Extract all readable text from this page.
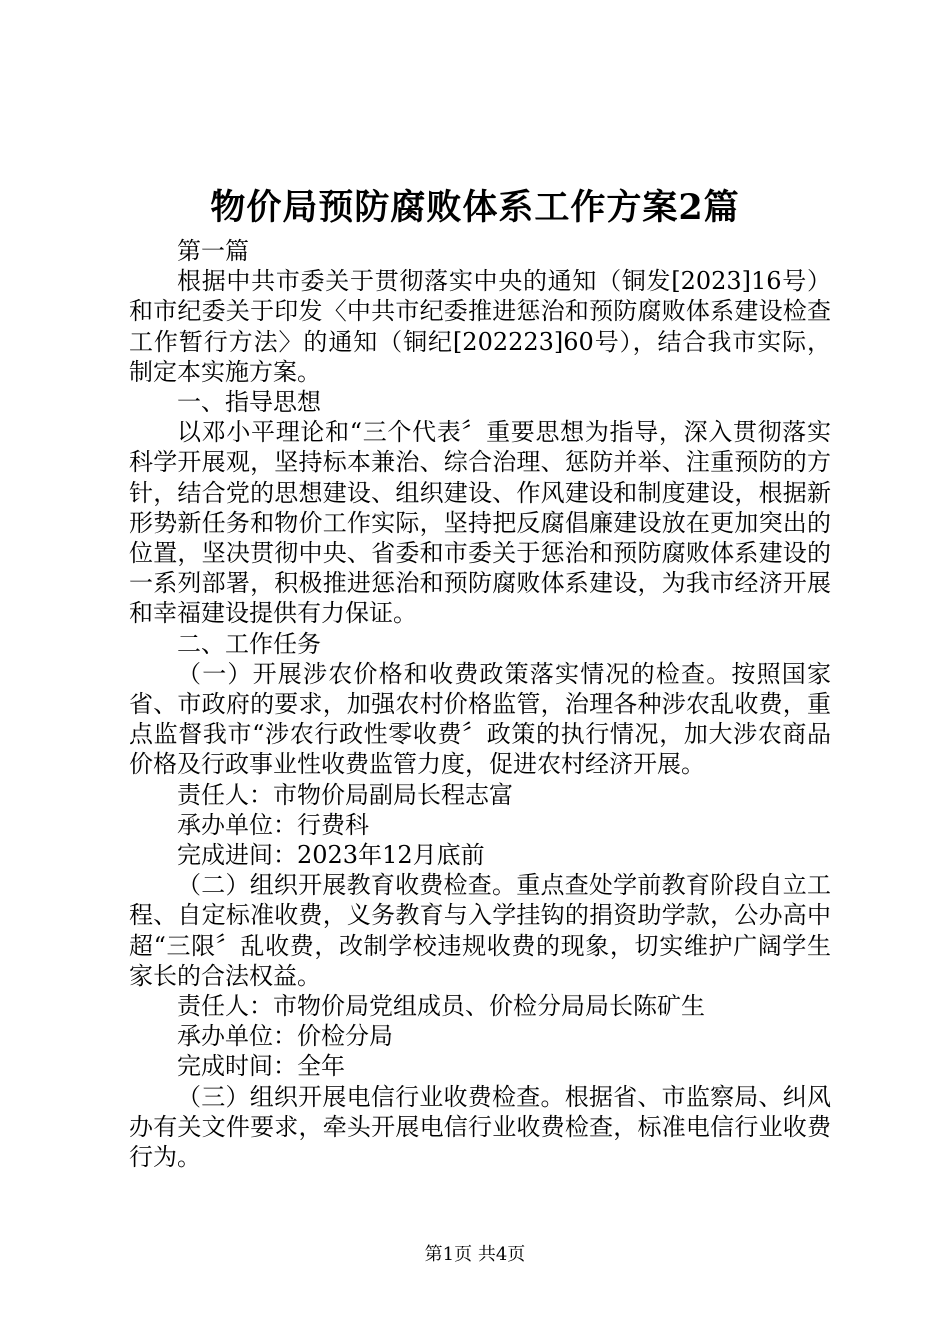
物价局预防腐败体系工作方案2篇

第一篇

根据中共市委关于贯彻落实中央的通知（铜发[2023]16号）和市纪委关于印发〈中共市纪委推进惩治和预防腐败体系建设检查工作暂行方法〉的通知（铜纪[202223]60号），结合我市实际，制定本实施方案。

一、指导思想

以邓小平理论和“三个代表〞重要思想为指导，深入贯彻落实科学开展观，坚持标本兼治、综合治理、惩防并举、注重预防的方针，结合党的思想建设、组织建设、作风建设和制度建设，根据新形势新任务和物价工作实际，坚持把反腐倡廉建设放在更加突出的位置，坚决贯彻中央、省委和市委关于惩治和预防腐败体系建设的一系列部署，积极推进惩治和预防腐败体系建设，为我市经济开展和幸福建设提供有力保证。

二、工作任务

（一）开展涉农价格和收费政策落实情况的检查。按照国家省、市政府的要求，加强农村价格监管，治理各种涉农乱收费，重点监督我市“涉农行政性零收费〞政策的执行情况，加大涉农商品价格及行政事业性收费监管力度，促进农村经济开展。

责任人：市物价局副局长程志富

承办单位：行费科

完成进间：2023年12月底前

（二）组织开展教育收费检查。重点查处学前教育阶段自立工程、自定标准收费，义务教育与入学挂钩的捐资助学款，公办高中超“三限〞乱收费，改制学校违规收费的现象，切实维护广阔学生家长的合法权益。

责任人：市物价局党组成员、价检分局局长陈矿生

承办单位：价检分局

完成时间：全年

（三）组织开展电信行业收费检查。根据省、市监察局、纠风办有关文件要求，牵头开展电信行业收费检查，标准电信行业收费行为。

第1页 共4页
